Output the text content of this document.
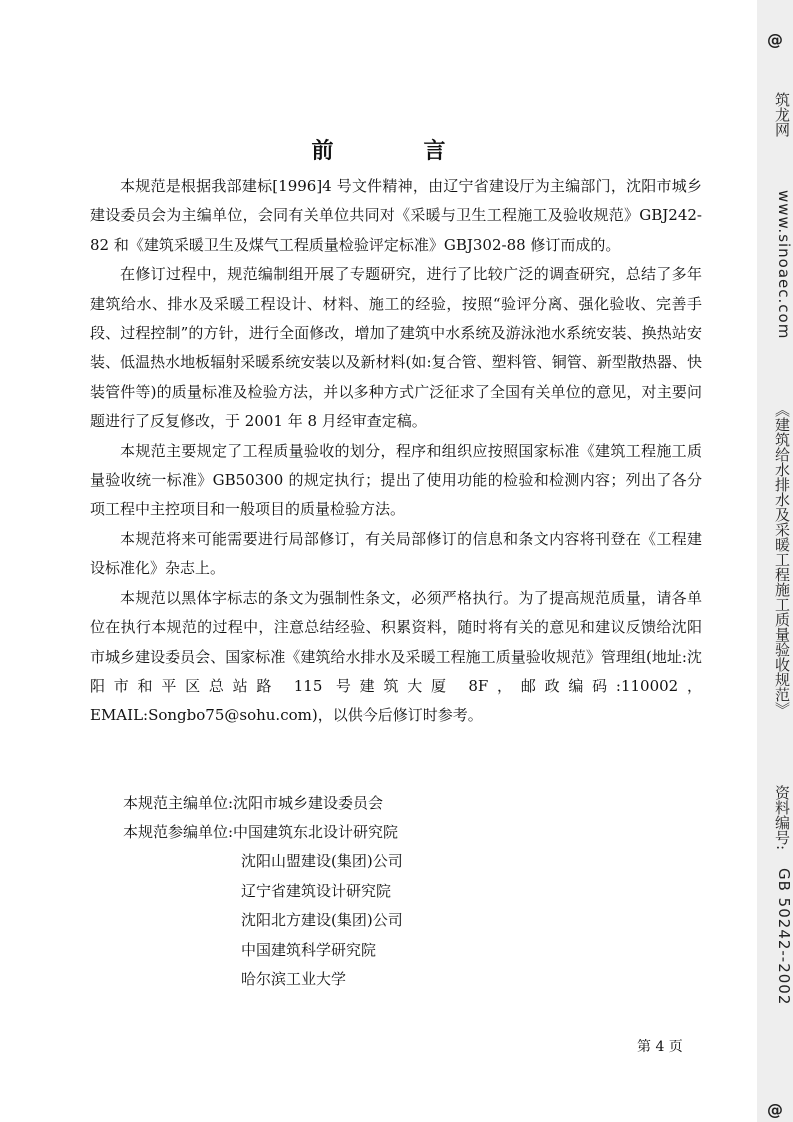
前　言

本规范是根据我部建标[1996]4 号文件精神，由辽宁省建设厅为主编部门，沈阳市城乡建设委员会为主编单位，会同有关单位共同对《采暖与卫生工程施工及验收规范》GBJ242-82 和《建筑采暖卫生及煤气工程质量检验评定标准》GBJ302-88 修订而成的。

在修订过程中，规范编制组开展了专题研究，进行了比较广泛的调查研究，总结了多年建筑给水、排水及采暖工程设计、材料、施工的经验，按照“验评分离、强化验收、完善手段、过程控制”的方针，进行全面修改，增加了建筑中水系统及游泳池水系统安装、换热站安装、低温热水地板辐射采暖系统安装以及新材料(如:复合管、塑料管、铜管、新型散热器、快装管件等)的质量标准及检验方法，并以多种方式广泛征求了全国有关单位的意见，对主要问题进行了反复修改，于 2001 年 8 月经审查定稿。

本规范主要规定了工程质量验收的划分，程序和组织应按照国家标准《建筑工程施工质量验收统一标准》GB50300 的规定执行；提出了使用功能的检验和检测内容；列出了各分项工程中主控项目和一般项目的质量检验方法。

本规范将来可能需要进行局部修订，有关局部修订的信息和条文内容将刊登在《工程建设标准化》杂志上。

本规范以黑体字标志的条文为强制性条文，必须严格执行。为了提高规范质量，请各单位在执行本规范的过程中，注意总结经验、积累资料，随时将有关的意见和建议反馈给沈阳市城乡建设委员会、国家标准《建筑给水排水及采暖工程施工质量验收规范》管理组(地址:沈阳市和平区总站路 115 号建筑大厦 8F，邮政编码:110002，EMAIL:Songbo75@sohu.com)，以供今后修订时参考。

本规范主编单位:沈阳市城乡建设委员会
本规范参编单位:中国建筑东北设计研究院
沈阳山盟建设(集团)公司
辽宁省建筑设计研究院
沈阳北方建设(集团)公司
中国建筑科学研究院
哈尔滨工业大学
第 4 页
@
筑龙网
www.sinoaec.com
《建筑给水排水及采暖工程施工质量验收规范》
资料编号:
GB 50242--2002
@
